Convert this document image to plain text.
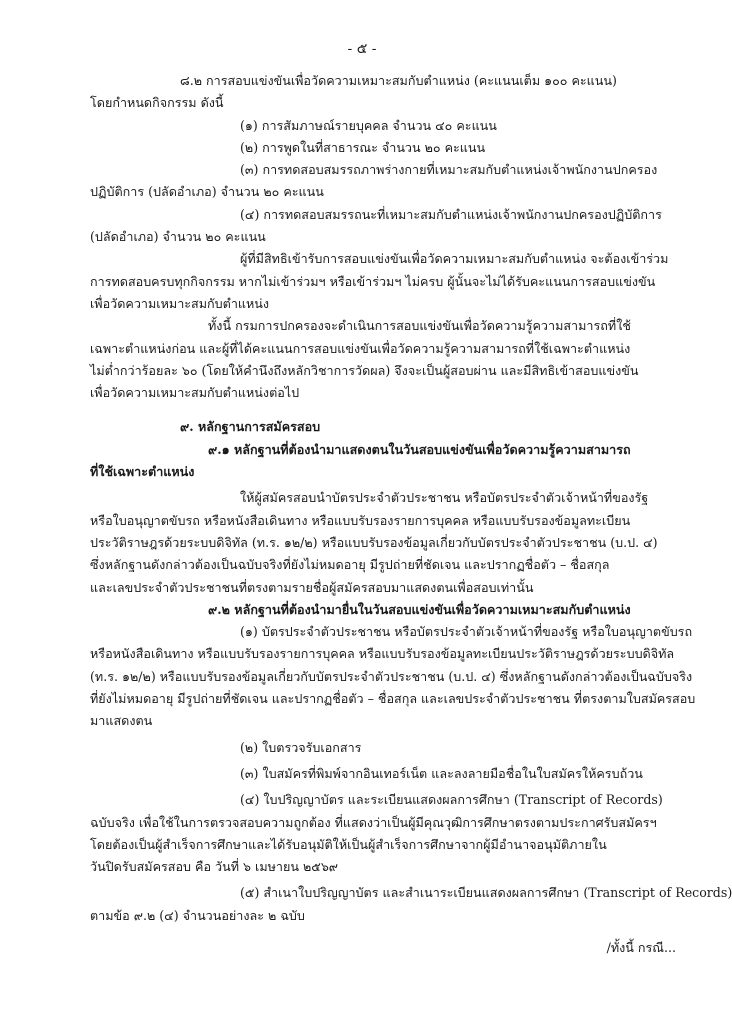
- ๕ -
๘.๒ การสอบแข่งขันเพื่อวัดความเหมาะสมกับตำแหน่ง (คะแนนเต็ม ๑๐๐ คะแนน)
โดยกำหนดกิจกรรม ดังนี้
(๑) การสัมภาษณ์รายบุคคล จำนวน ๔๐ คะแนน
(๒) การพูดในที่สาธารณะ จำนวน ๒๐ คะแนน
(๓) การทดสอบสมรรถภาพร่างกายที่เหมาะสมกับตำแหน่งเจ้าพนักงานปกครอง
ปฏิบัติการ (ปลัดอำเภอ) จำนวน ๒๐ คะแนน
(๔) การทดสอบสมรรถนะที่เหมาะสมกับตำแหน่งเจ้าพนักงานปกครองปฏิบัติการ
(ปลัดอำเภอ) จำนวน ๒๐ คะแนน
ผู้ที่มีสิทธิเข้ารับการสอบแข่งขันเพื่อวัดความเหมาะสมกับตำแหน่ง จะต้องเข้าร่วม
การทดสอบครบทุกกิจกรรม หากไม่เข้าร่วมฯ หรือเข้าร่วมฯ ไม่ครบ ผู้นั้นจะไม่ได้รับคะแนนการสอบแข่งขัน
เพื่อวัดความเหมาะสมกับตำแหน่ง
ทั้งนี้ กรมการปกครองจะดำเนินการสอบแข่งขันเพื่อวัดความรู้ความสามารถที่ใช้
เฉพาะตำแหน่งก่อน และผู้ที่ได้คะแนนการสอบแข่งขันเพื่อวัดความรู้ความสามารถที่ใช้เฉพาะตำแหน่ง
ไม่ต่ำกว่าร้อยละ ๖๐ (โดยให้คำนึงถึงหลักวิชาการวัดผล) จึงจะเป็นผู้สอบผ่าน และมีสิทธิเข้าสอบแข่งขัน
เพื่อวัดความเหมาะสมกับตำแหน่งต่อไป
๙. หลักฐานการสมัครสอบ
๙.๑ หลักฐานที่ต้องนำมาแสดงตนในวันสอบแข่งขันเพื่อวัดความรู้ความสามารถ
ที่ใช้เฉพาะตำแหน่ง
ให้ผู้สมัครสอบนำบัตรประจำตัวประชาชน หรือบัตรประจำตัวเจ้าหน้าที่ของรัฐ
หรือใบอนุญาตขับรถ หรือหนังสือเดินทาง หรือแบบรับรองรายการบุคคล หรือแบบรับรองข้อมูลทะเบียน
ประวัติราษฎรด้วยระบบดิจิทัล (ท.ร. ๑๒/๒) หรือแบบรับรองข้อมูลเกี่ยวกับบัตรประจำตัวประชาชน (บ.ป. ๔)
ซึ่งหลักฐานดังกล่าวต้องเป็นฉบับจริงที่ยังไม่หมดอายุ มีรูปถ่ายที่ชัดเจน และปรากฏชื่อตัว – ชื่อสกุล
และเลขประจำตัวประชาชนที่ตรงตามรายชื่อผู้สมัครสอบมาแสดงตนเพื่อสอบเท่านั้น
๙.๒ หลักฐานที่ต้องนำมายื่นในวันสอบแข่งขันเพื่อวัดความเหมาะสมกับตำแหน่ง
(๑) บัตรประจำตัวประชาชน หรือบัตรประจำตัวเจ้าหน้าที่ของรัฐ หรือใบอนุญาตขับรถ
หรือหนังสือเดินทาง หรือแบบรับรองรายการบุคคล หรือแบบรับรองข้อมูลทะเบียนประวัติราษฎรด้วยระบบดิจิทัล
(ท.ร. ๑๒/๒) หรือแบบรับรองข้อมูลเกี่ยวกับบัตรประจำตัวประชาชน (บ.ป. ๔) ซึ่งหลักฐานดังกล่าวต้องเป็นฉบับจริง
ที่ยังไม่หมดอายุ มีรูปถ่ายที่ชัดเจน และปรากฏชื่อตัว – ชื่อสกุล และเลขประจำตัวประชาชน ที่ตรงตามใบสมัครสอบ
มาแสดงตน
(๒) ใบตรวจรับเอกสาร
(๓) ใบสมัครที่พิมพ์จากอินเทอร์เน็ต และลงลายมือชื่อในใบสมัครให้ครบถ้วน
(๔) ใบปริญญาบัตร และระเบียนแสดงผลการศึกษา (Transcript of Records)
ฉบับจริง เพื่อใช้ในการตรวจสอบความถูกต้อง ที่แสดงว่าเป็นผู้มีคุณวุฒิการศึกษาตรงตามประกาศรับสมัครฯ
โดยต้องเป็นผู้สำเร็จการศึกษาและได้รับอนุมัติให้เป็นผู้สำเร็จการศึกษาจากผู้มีอำนาจอนุมัติภายใน
วันปิดรับสมัครสอบ คือ วันที่ ๖ เมษายน ๒๕๖๙
(๕) สำเนาใบปริญญาบัตร และสำเนาระเบียนแสดงผลการศึกษา (Transcript of Records)
ตามข้อ ๙.๒ (๔) จำนวนอย่างละ ๒ ฉบับ
/ทั้งนี้ กรณี...
